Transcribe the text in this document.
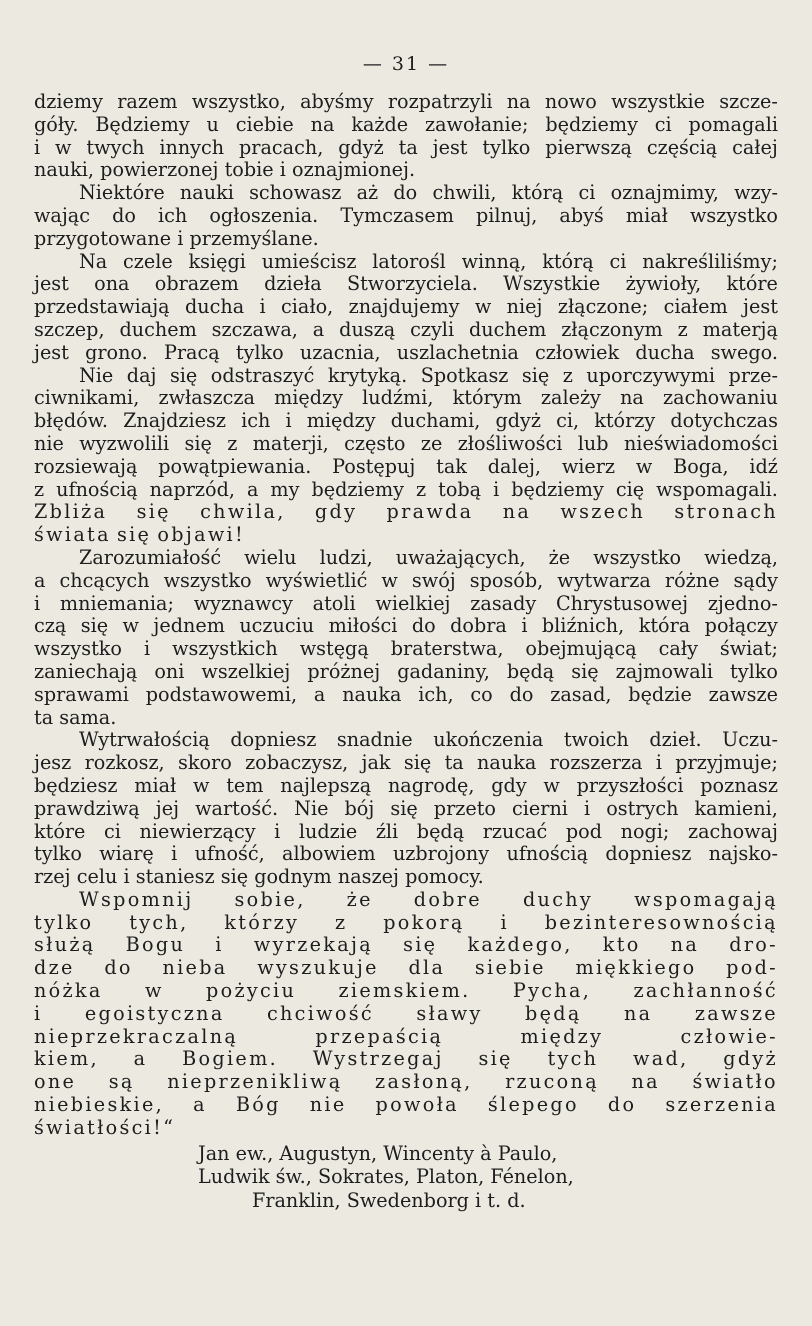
— 31 —
dziemy razem wszystko, abyśmy rozpatrzyli na nowo wszystkie szcze-
góły. Będziemy u ciebie na każde zawołanie; będziemy ci pomagali
i w twych innych pracach, gdyż ta jest tylko pierwszą częścią całej
nauki, powierzonej tobie i oznajmionej.
Niektóre nauki schowasz aż do chwili, którą ci oznajmimy, wzy-
wając do ich ogłoszenia. Tymczasem pilnuj, abyś miał wszystko
przygotowane i przemyślane.
Na czele księgi umieścisz latorośl winną, którą ci nakreśliliśmy;
jest ona obrazem dzieła Stworzyciela. Wszystkie żywioły, które
przedstawiają ducha i ciało, znajdujemy w niej złączone; ciałem jest
szczep, duchem szczawa, a duszą czyli duchem złączonym z materją
jest grono. Pracą tylko uzacnia, uszlachetnia człowiek ducha swego.
Nie daj się odstraszyć krytyką. Spotkasz się z uporczywymi prze-
ciwnikami, zwłaszcza między ludźmi, którym zależy na zachowaniu
błędów. Znajdziesz ich i między duchami, gdyż ci, którzy dotychczas
nie wyzwolili się z materji, często ze złośliwości lub nieświadomości
rozsiewają powątpiewania. Postępuj tak dalej, wierz w Boga, idź
z ufnością naprzód, a my będziemy z tobą i będziemy cię wspomagali.
Zbliża się chwila, gdy prawda na wszech stronach
świata się objawi!
Zarozumiałość wielu ludzi, uważających, że wszystko wiedzą,
a chcących wszystko wyświetlić w swój sposób, wytwarza różne sądy
i mniemania; wyznawcy atoli wielkiej zasady Chrystusowej zjedno-
czą się w jednem uczuciu miłości do dobra i bliźnich, która połączy
wszystko i wszystkich wstęgą braterstwa, obejmującą cały świat;
zaniechają oni wszelkiej próżnej gadaniny, będą się zajmowali tylko
sprawami podstawowemi, a nauka ich, co do zasad, będzie zawsze
ta sama.
Wytrwałością dopniesz snadnie ukończenia twoich dzieł. Uczu-
jesz rozkosz, skoro zobaczysz, jak się ta nauka rozszerza i przyjmuje;
będziesz miał w tem najlepszą nagrodę, gdy w przyszłości poznasz
prawdziwą jej wartość. Nie bój się przeto cierni i ostrych kamieni,
które ci niewierzący i ludzie źli będą rzucać pod nogi; zachowaj
tylko wiarę i ufność, albowiem uzbrojony ufnością dopniesz najsko-
rzej celu i staniesz się godnym naszej pomocy.
Wspomnij sobie, że dobre duchy wspomagają
tylko tych, którzy z pokorą i bezinteresownością
służą Bogu i wyrzekają się każdego, kto na dro-
dze do nieba wyszukuje dla siebie miękkiego pod-
nóżka w pożyciu ziemskiem. Pycha, zachłanność
i egoistyczna chciwość sławy będą na zawsze
nieprzekraczalną	przepaścią	między	człowie-
kiem, a Bogiem. Wystrzegaj się tych wad, gdyż
one są nieprzenikliwą zasłoną, rzuconą na światło
niebieskie, a Bóg nie powoła ślepego do szerzenia
światłości!“
Jan ew., Augustyn, Wincenty à Paulo,
Ludwik św., Sokrates, Platon, Fénelon,
Franklin, Swedenborg i t. d.
